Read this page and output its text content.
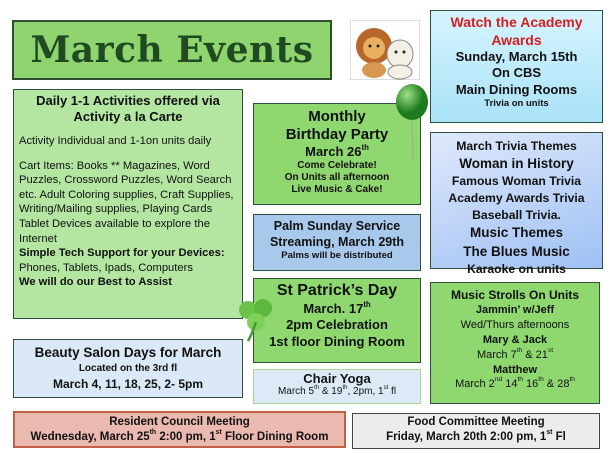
March Events
Watch the Academy Awards
Sunday, March 15th
On CBS
Main Dining Rooms
Trivia on units
Daily 1-1 Activities offered via Activity a la Carte
Activity Individual and 1-1on units daily
Cart Items: Books ** Magazines, Word Puzzles, Crossword Puzzles, Word Search etc. Adult Coloring supplies, Craft Supplies, Writing/Mailing supplies, Playing Cards
Tablet Devices available to explore the Internet
Simple Tech Support for your Devices:
Phones, Tablets, Ipads, Computers
We will do our Best to Assist
Monthly
Birthday Party
March 26th
Come Celebrate!
On Units all afternoon
Live Music & Cake!
Palm Sunday Service
Streaming, March 29th
Palms will be distributed
March Trivia Themes
Woman in History
Famous Woman Trivia
Academy Awards Trivia
Baseball Trivia.
Music Themes
The Blues Music
Karaoke on units
St Patrick’s Day
March. 17th
2pm Celebration
1st floor Dining Room
Chair Yoga
March 5th & 19th, 2pm, 1st fl
Music Strolls On Units
Jammin’ w/Jeff
Wed/Thurs afternoons
Mary & Jack
March 7th & 21st
Matthew
March 2nd 14th 16th & 28th
Beauty Salon Days for March
Located on the 3rd fl
March 4, 11, 18, 25, 2- 5pm
Resident Council Meeting
Wednesday, March 25th 2:00 pm, 1st Floor Dining Room
Food Committee Meeting
Friday, March 20th 2:00 pm, 1st Fl
